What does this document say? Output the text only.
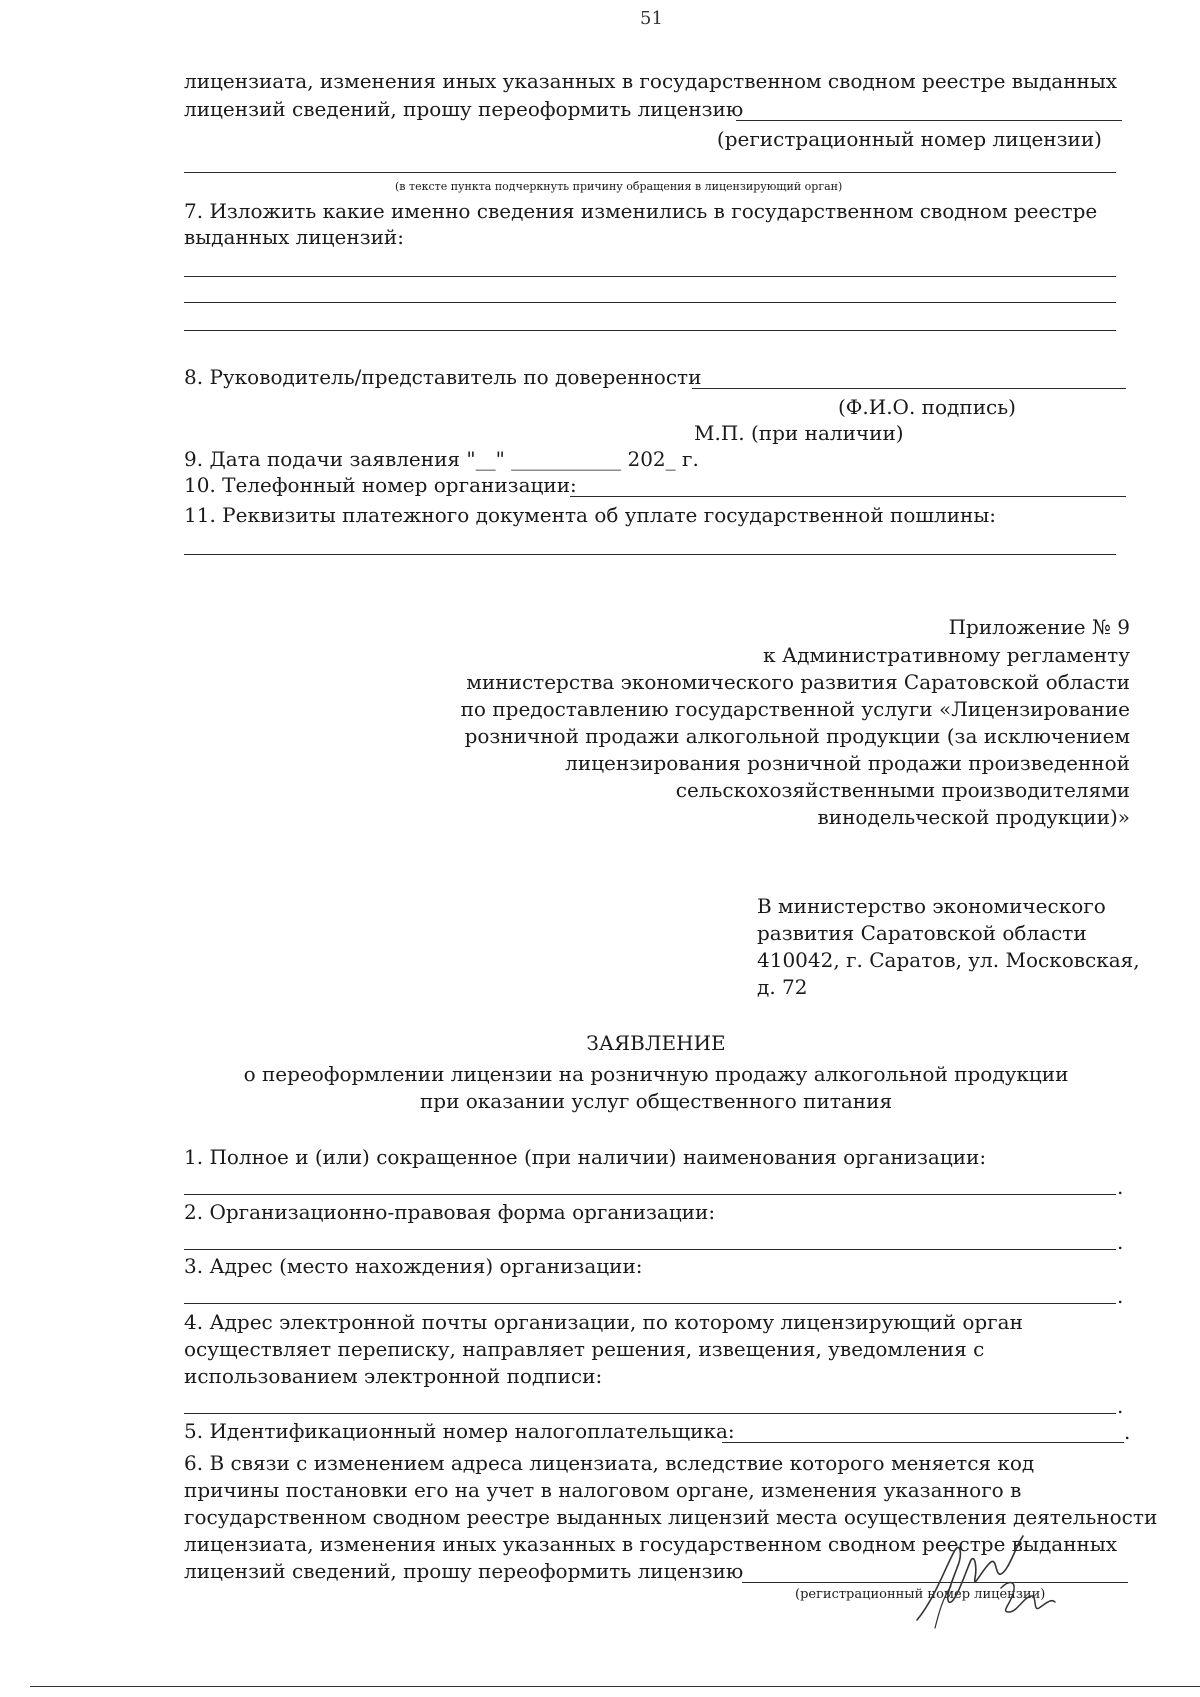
51
лицензиата, изменения иных указанных в государственном сводном реестре выданных
лицензий сведений, прошу переоформить лицензию
(регистрационный номер лицензии)
(в тексте пункта подчеркнуть причину обращения в лицензирующий орган)
7. Изложить какие именно сведения изменились в государственном сводном реестре
выданных лицензий:
8. Руководитель/представитель по доверенности
(Ф.И.О. подпись)
М.П. (при наличии)
9. Дата подачи заявления "__" ___________ 202_ г.
10. Телефонный номер организации:
11. Реквизиты платежного документа об уплате государственной пошлины:
Приложение № 9
к Административному регламенту
министерства экономического развития Саратовской области
по предоставлению государственной услуги «Лицензирование
розничной продажи алкогольной продукции (за исключением
лицензирования розничной продажи произведенной
сельскохозяйственными производителями
винодельческой продукции)»
В министерство экономического
развития Саратовской области
410042, г. Саратов, ул. Московская,
д. 72
ЗАЯВЛЕНИЕ
о переоформлении лицензии на розничную продажу алкогольной продукции
при оказании услуг общественного питания
1. Полное и (или) сокращенное (при наличии) наименования организации:
.
2. Организационно-правовая форма организации:
.
3. Адрес (место нахождения) организации:
.
4. Адрес электронной почты организации, по которому лицензирующий орган
осуществляет переписку, направляет решения, извещения, уведомления с
использованием электронной подписи:
.
5. Идентификационный номер налогоплательщика:	.
6. В связи с изменением адреса лицензиата, вследствие которого меняется код
причины постановки его на учет в налоговом органе, изменения указанного в
государственном сводном реестре выданных лицензий места осуществления деятельности
лицензиата, изменения иных указанных в государственном сводном реестре выданных
лицензий сведений, прошу переоформить лицензию
(регистрационный номер лицензии)
